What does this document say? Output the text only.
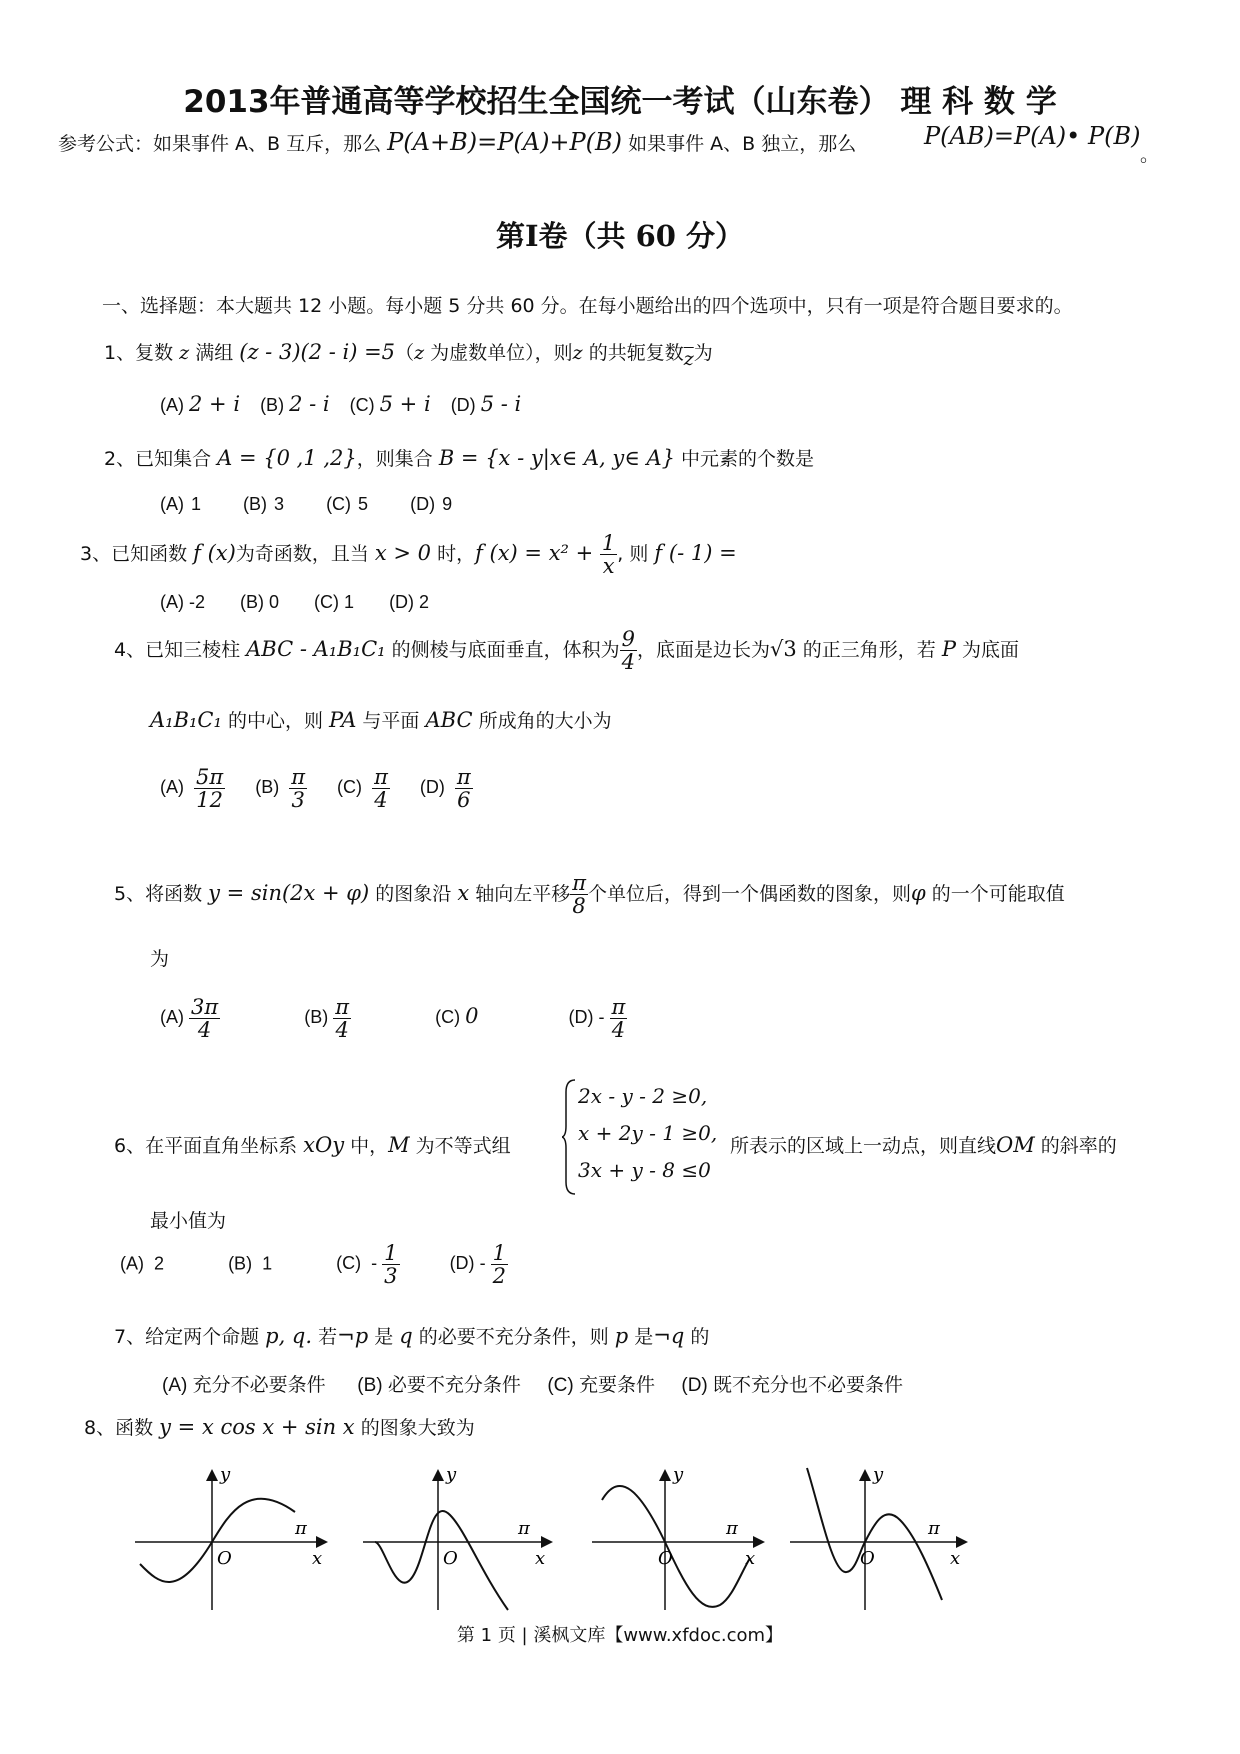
2013年普通高等学校招生全国统一考试（山东卷） 理 科 数 学
参考公式：如果事件 A、B 互斥，那么 P(A+B)=P(A)+P(B) 如果事件 A、B 独立，那么	P(AB)=P(A)• P(B)
。
第Ⅰ卷（共 60 分）
一、选择题：本大题共 12 小题。每小题 5 分共 60 分。在每小题给出的四个选项中，只有一项是符合题目要求的。
1、复数 z 满组 (z - 3)(2 - i) =5（z 为虚数单位），则z 的共轭复数$\overline{z}$为
(A) 2 + i (B) 2 - i (C) 5 + i (D) 5 - i
2、已知集合 A = {0 ,1 ,2}，则集合 B = {x - y|x∈ A, y∈ A} 中元素的个数是
(A) 1 (B) 3 (C) 5 (D) 9
3、已知函数 f (x)为奇函数，且当 x > 0 时，f $(x) = x^2 + \frac{1}{x}$ , 则 f (- 1) =
(A) -2 (B) 0 (C) 1 (D) 2
4、已知三棱柱 ABC - A₁B₁C₁ 的侧棱与底面垂直，体积为 $\frac{9}{4}$ ，底面是边长为√3 的正三角形，若 P 为底面
A₁B₁C₁ 的中心，则 PA 与平面 ABC 所成角的大小为
$(A) \frac{5\pi}{12} (B) \frac{\pi}{3} (C) \frac{\pi}{4} (D) \frac{\pi}{6}$
5、将函数 y = sin(2x + φ) 的图象沿 x 轴向左平移 $\frac{\pi}{8}$ 个单位后，得到一个偶函数的图象，则φ 的一个可能取值
为
$(A) \frac{3\pi}{4}$	$(B) \frac{\pi}{4}$	(C) 0	$(D) - \frac{\pi}{4}$
6、在平面直角坐标系 xOy 中，M 为不等式组
2x - y - 2 ≥0,
x + 2y - 1 ≥0,
3x + y - 8 ≤0
所表示的区域上一动点，则直线OM 的斜率的
最小值为
(A) 2	(B) 1	$(C) - \frac{1}{3}$	$(D) - \frac{1}{2}$
7、给定两个命题 p, q. 若¬p 是 q 的必要不充分条件，则 p 是¬q 的
(A) 充分不必要条件 (B) 必要不充分条件 (C) 充要条件 (D) 既不充分也不必要条件
8、函数 y = x cos x + sin x 的图象大致为
y
O
π
x
y
O
π
x
y
O
π
x
y
O
π
x
第 1 页 | 溪枫文库【www.xfdoc.com】
